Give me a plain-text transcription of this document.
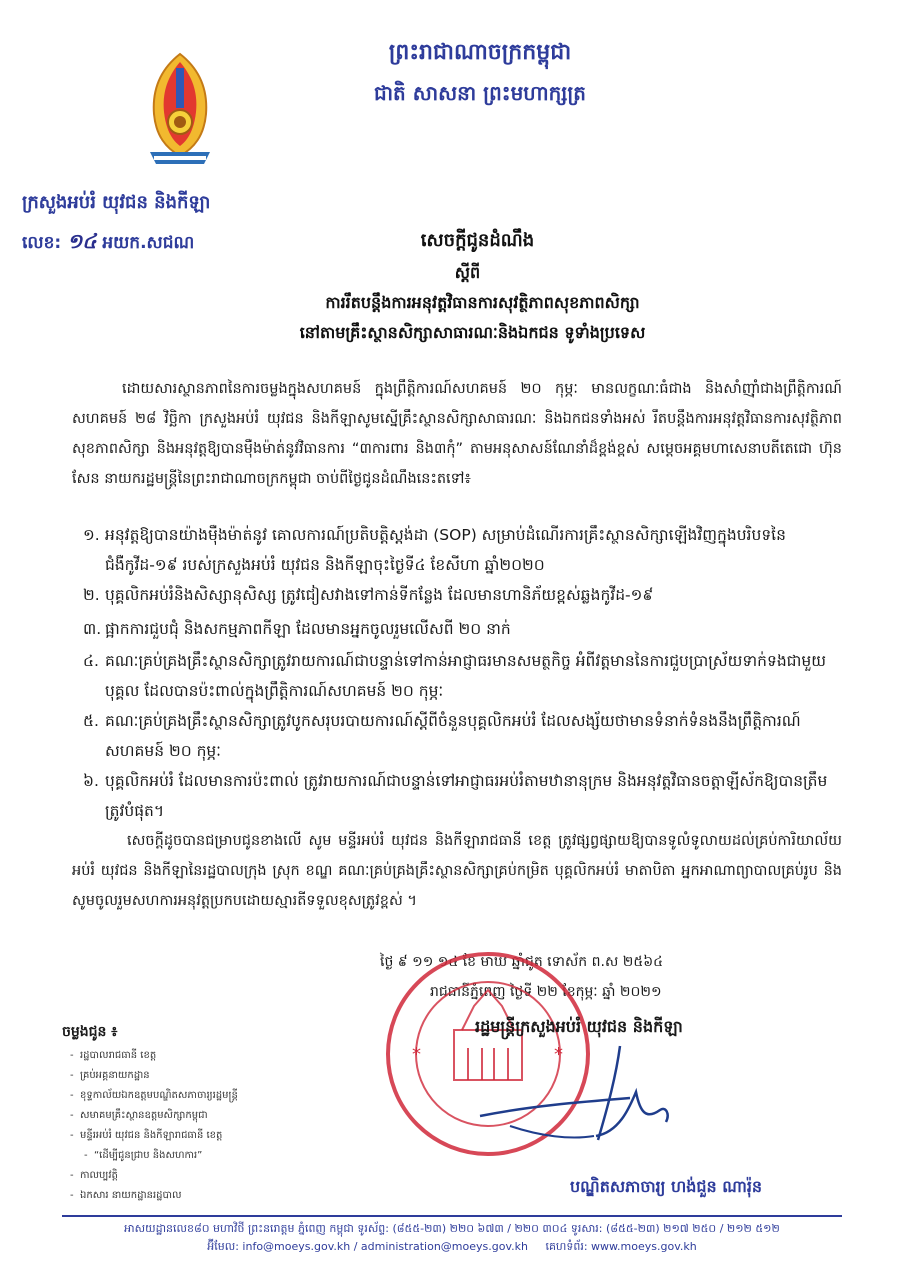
ព្រះរាជាណាចក្រកម្ពុជា
ជាតិ សាសនា ព្រះមហាក្សត្រ
ក្រសួងអប់រំ យុវជន និងកីឡា
លេខ: ១៤ អយក.សជណ	សេចក្តីជូនដំណឹង
ស្តីពី
ការរឹតបន្តឹងការអនុវត្តវិធានការសុវត្ថិភាពសុខភាពសិក្សា
នៅតាមគ្រឹះស្ថានសិក្សាសាធារណៈនិងឯកជន ទូទាំងប្រទេស
ដោយសារស្ថានភាពនៃការចម្លងក្នុងសហគមន៍ ក្នុងព្រឹត្តិការណ៍សហគមន៍ ២០ កុម្ភៈ មានលក្ខណៈធំជាង និងសាំញ៉ាំជាងព្រឹត្តិការណ៍សហគមន៍ ២៨ វិច្ឆិកា ក្រសួងអប់រំ យុវជន និងកីឡាសូមស្នើគ្រឹះស្ថានសិក្សាសាធារណៈ និងឯកជនទាំងអស់ រឹតបន្តឹងការអនុវត្តវិធានការសុវត្ថិភាពសុខភាពសិក្សា និងអនុវត្តឱ្យបានម៉ឺងម៉ាត់នូវវិធានការ “៣ការពារ និង៣កុំ” តាមអនុសាសន៍ណែនាំដ៏ខ្ពង់ខ្ពស់ សម្តេចអគ្គមហាសេនាបតីតេជោ ហ៊ុន សែន នាយករដ្ឋមន្ត្រីនៃព្រះរាជាណាចក្រកម្ពុជា ចាប់ពីថ្ងៃជូនដំណឹងនេះតទៅ៖
១. អនុវត្តឱ្យបានយ៉ាងម៉ឺងម៉ាត់នូវ គោលការណ៍ប្រតិបត្តិស្តង់ដា (SOP) សម្រាប់ដំណើរការគ្រឹះស្ថានសិក្សាឡើងវិញក្នុងបរិបទនៃជំងឺកូវីដ-១៩ របស់ក្រសួងអប់រំ យុវជន និងកីឡាចុះថ្ងៃទី៤ ខែសីហា ឆ្នាំ២០២០
២. បុគ្គលិកអប់រំនិងសិស្សានុសិស្ស ត្រូវជៀសវាងទៅកាន់ទីកន្លែង ដែលមានហានិភ័យខ្ពស់ឆ្លងកូវីដ-១៩
៣. ផ្អាកការជួបជុំ និងសកម្មភាពកីឡា ដែលមានអ្នកចូលរួមលើសពី ២០ នាក់
៤. គណៈគ្រប់គ្រងគ្រឹះស្ថានសិក្សាត្រូវរាយការណ៍ជាបន្ទាន់ទៅកាន់អាជ្ញាធរមានសមត្ថកិច្ច អំពីវត្តមាននៃការជួបប្រាស្រ័យទាក់ទងជាមួយបុគ្គល ដែលបានប៉ះពាល់ក្នុងព្រឹត្តិការណ៍សហគមន៍ ២០ កុម្ភៈ
៥. គណៈគ្រប់គ្រងគ្រឹះស្ថានសិក្សាត្រូវបូកសរុបរបាយការណ៍ស្តីពីចំនួនបុគ្គលិកអប់រំ ដែលសង្ស័យថាមានទំនាក់ទំនងនឹងព្រឹត្តិការណ៍សហគមន៍ ២០ កុម្ភៈ
៦. បុគ្គលិកអប់រំ ដែលមានការប៉ះពាល់ ត្រូវរាយការណ៍ជាបន្ទាន់ទៅអាជ្ញាធរអប់រំតាមឋានានុក្រម និងអនុវត្តវិធានចត្តាឡីស័កឱ្យបានត្រឹមត្រូវបំផុត។
សេចក្តីដូចបានជម្រាបជូនខាងលើ សូម មន្ទីរអប់រំ យុវជន និងកីឡារាជធានី ខេត្ត ត្រូវផ្សព្វផ្សាយឱ្យបានទូលំទូលាយដល់គ្រប់ការិយាល័យអប់រំ យុវជន និងកីឡានៃរដ្ឋបាលក្រុង ស្រុក ខណ្ឌ គណៈគ្រប់គ្រងគ្រឹះស្ថានសិក្សាគ្រប់កម្រិត បុគ្គលិកអប់រំ មាតាបិតា អ្នកអាណាព្យាបាលគ្រប់រូប និងសូមចូលរួមសហការអនុវត្តប្រកបដោយស្មារតីទទួលខុសត្រូវខ្ពស់ ។
ថ្ងៃ ៩ ១១ ១៤ ខែ មាឃ ឆ្នាំជូត ទោស័ក ព.ស ២៥៦៤
រាជធានីភ្នំពេញ ថ្ងៃទី ២២ ខែកុម្ភៈ ឆ្នាំ ២០២១
*	*
រដ្ឋមន្ត្រីក្រសួងអប់រំ យុវជន និងកីឡា
បណ្ឌិតសភាចារ្យ ហង់ជួន ណារ៉ុន
ចម្លងជូន ៖
- រដ្ឋបាលរាជធានី ខេត្ត
- គ្រប់អគ្គនាយកដ្ឋាន
- ខុទ្ទកាល័យឯកឧត្តមបណ្ឌិតសភាចារ្យរដ្ឋមន្ត្រី
- សមាគមគ្រឹះស្ថានឧត្តមសិក្សាកម្ពុជា
- មន្ទីរអប់រំ យុវជន និងកីឡារាជធានី ខេត្ត
- “ដើម្បីជូនជ្រាប និងសហការ”
- កាលប្បវត្តិ
- ឯកសារ នាយកដ្ឋានរដ្ឋបាល
អាសយដ្ឋានលេខ៨០ មហាវិថី ព្រះនរោត្តម ភ្នំពេញ កម្ពុជា ទូរស័ព្ទ: (៨៥៥-២៣) ២២០ ៦៧៣ / ២២០ ៣០៤ ទូរសារ: (៨៥៥-២៣) ២១៧ ២៥០ / ២១២ ៥១២
អ៊ីមែល: info@moeys.gov.kh / administration@moeys.gov.kh គេហទំព័រ: www.moeys.gov.kh
